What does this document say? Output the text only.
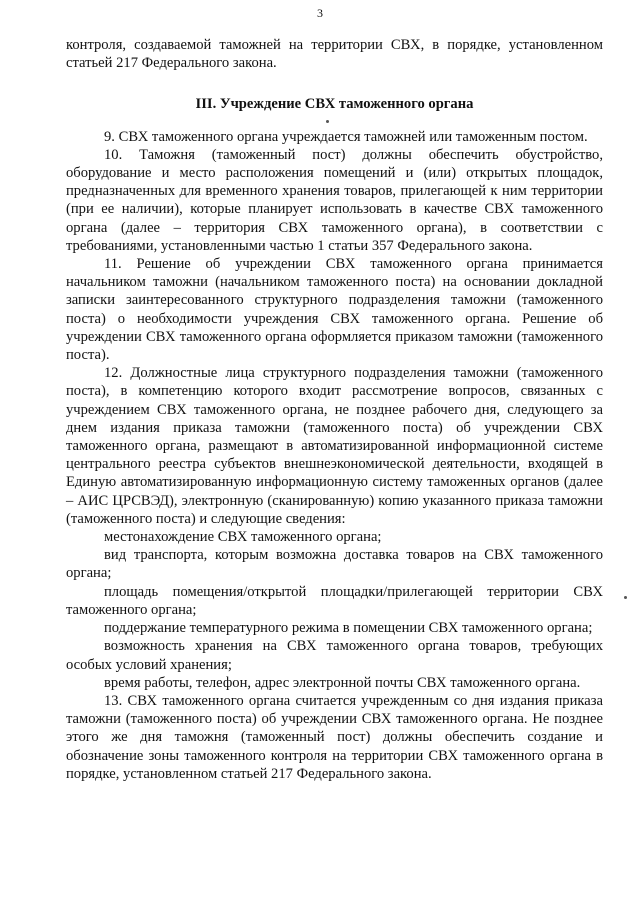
3

контроля, создаваемой таможней на территории СВХ, в порядке, установленном статьей 217 Федерального закона.

III. Учреждение СВХ таможенного органа

9. СВХ таможенного органа учреждается таможней или таможенным постом.

10. Таможня (таможенный пост) должны обеспечить обустройство, оборудование и место расположения помещений и (или) открытых площадок, предназначенных для временного хранения товаров, прилегающей к ним территории (при ее наличии), которые планирует использовать в качестве СВХ таможенного органа (далее – территория СВХ таможенного органа), в соответствии с требованиями, установленными частью 1 статьи 357 Федерального закона.

11. Решение об учреждении СВХ таможенного органа принимается начальником таможни (начальником таможенного поста) на основании докладной записки заинтересованного структурного подразделения таможни (таможенного поста) о необходимости учреждения СВХ таможенного органа. Решение об учреждении СВХ таможенного органа оформляется приказом таможни (таможенного поста).

12. Должностные лица структурного подразделения таможни (таможенного поста), в компетенцию которого входит рассмотрение вопросов, связанных с учреждением СВХ таможенного органа, не позднее рабочего дня, следующего за днем издания приказа таможни (таможенного поста) об учреждении СВХ таможенного органа, размещают в автоматизированной информационной системе центрального реестра субъектов внешнеэкономической деятельности, входящей в Единую автоматизированную информационную систему таможенных органов (далее – АИС ЦРСВЭД), электронную (сканированную) копию указанного приказа таможни (таможенного поста) и следующие сведения:

местонахождение СВХ таможенного органа;

вид транспорта, которым возможна доставка товаров на СВХ таможенного органа;

площадь помещения/открытой площадки/прилегающей территории СВХ таможенного органа;

поддержание температурного режима в помещении СВХ таможенного органа;

возможность хранения на СВХ таможенного органа товаров, требующих особых условий хранения;

время работы, телефон, адрес электронной почты СВХ таможенного органа.

13. СВХ таможенного органа считается учрежденным со дня издания приказа таможни (таможенного поста) об учреждении СВХ таможенного органа. Не позднее этого же дня таможня (таможенный пост) должны обеспечить создание и обозначение зоны таможенного контроля на территории СВХ таможенного органа в порядке, установленном статьей 217 Федерального закона.
